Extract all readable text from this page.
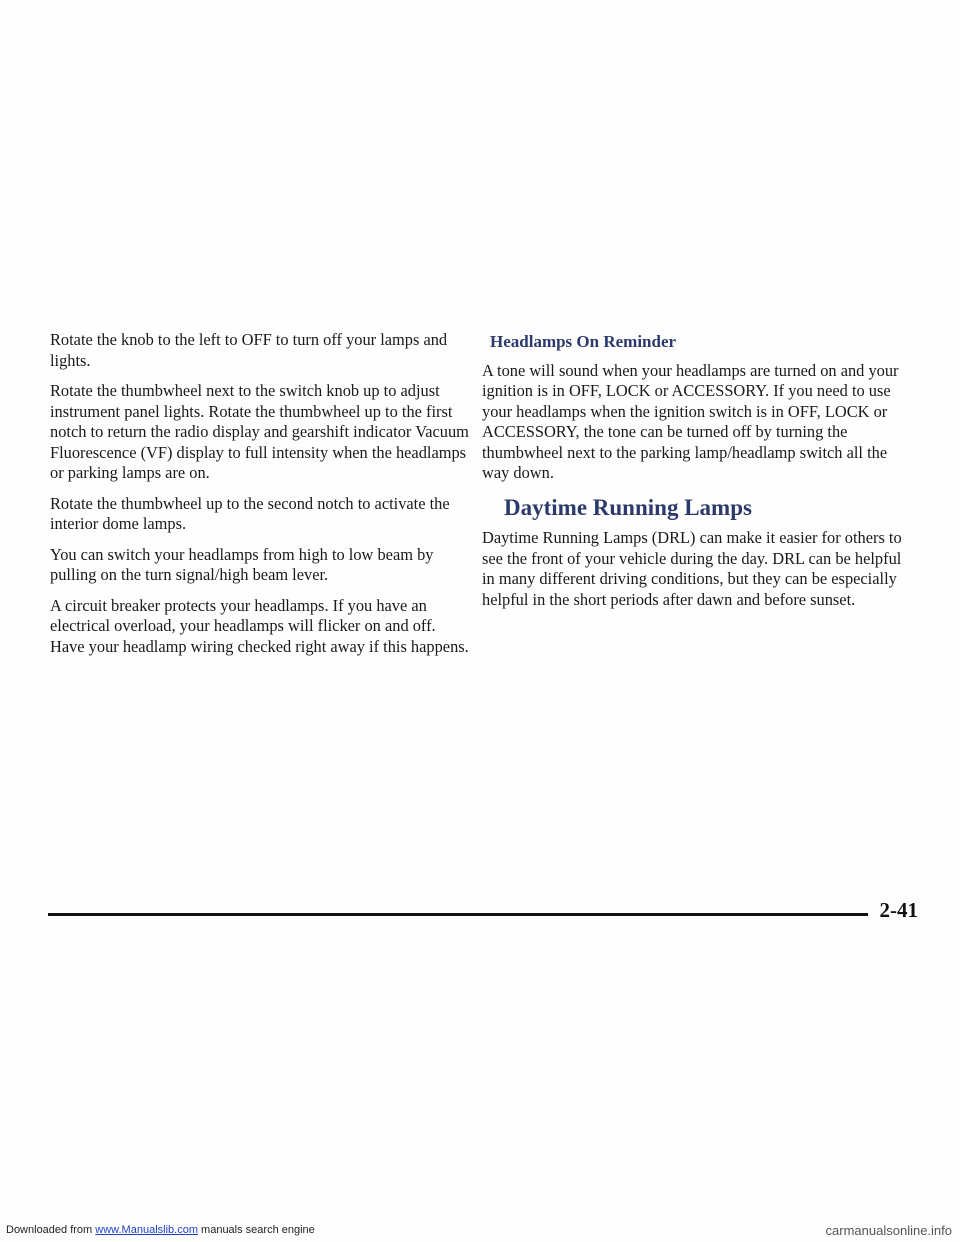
Rotate the knob to the left to OFF to turn off your lamps and lights.

Rotate the thumbwheel next to the switch knob up to adjust instrument panel lights. Rotate the thumbwheel up to the first notch to return the radio display and gearshift indicator Vacuum Fluorescence (VF) display to full intensity when the headlamps or parking lamps are on.

Rotate the thumbwheel up to the second notch to activate the interior dome lamps.

You can switch your headlamps from high to low beam by pulling on the turn signal/high beam lever.

A circuit breaker protects your headlamps. If you have an electrical overload, your headlamps will flicker on and off. Have your headlamp wiring checked right away if this happens.

Headlamps On Reminder

A tone will sound when your headlamps are turned on and your ignition is in OFF, LOCK or ACCESSORY. If you need to use your headlamps when the ignition switch is in OFF, LOCK or ACCESSORY, the tone can be turned off by turning the thumbwheel next to the parking lamp/headlamp switch all the way down.

Daytime Running Lamps

Daytime Running Lamps (DRL) can make it easier for others to see the front of your vehicle during the day. DRL can be helpful in many different driving conditions, but they can be especially helpful in the short periods after dawn and before sunset.

2-41
Downloaded from www.Manualslib.com manuals search engine	carmanualsonline.info
